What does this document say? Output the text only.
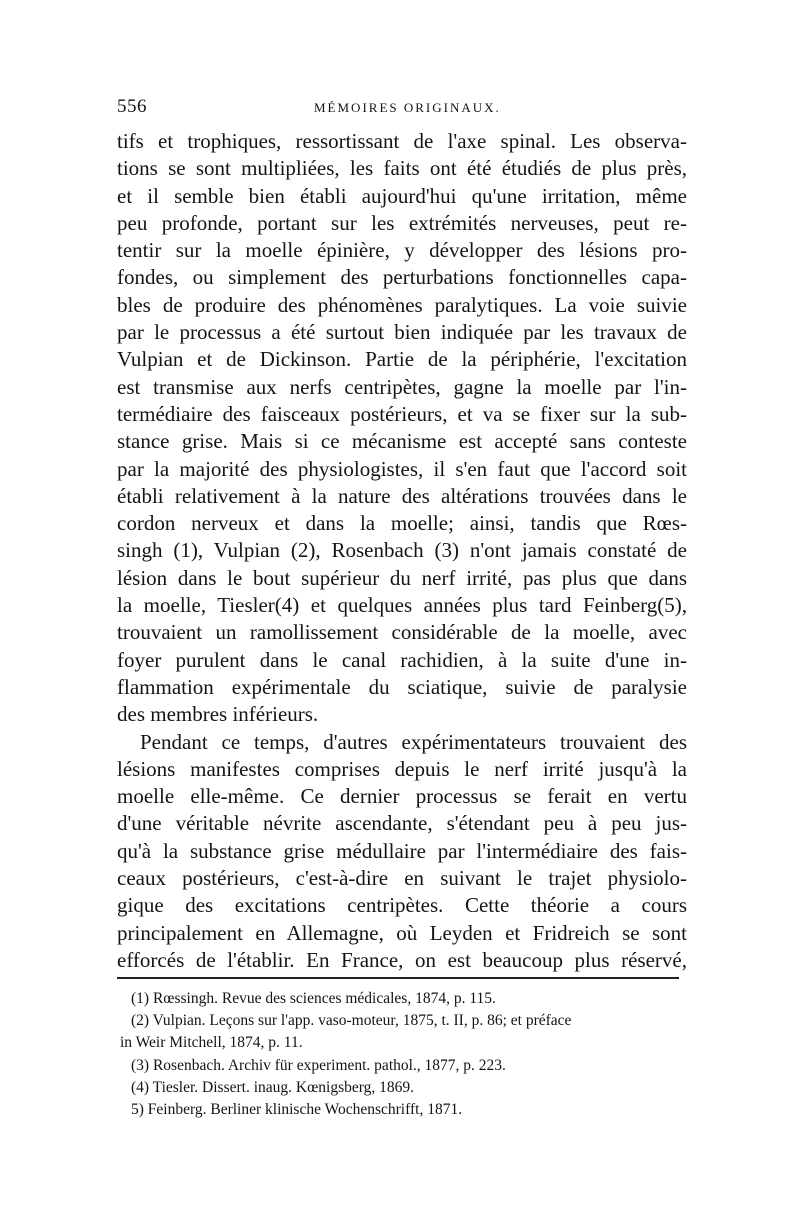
556	MÉMOIRES ORIGINAUX.
tifs et trophiques, ressortissant de l'axe spinal. Les observa-
tions se sont multipliées, les faits ont été étudiés de plus près,
et il semble bien établi aujourd'hui qu'une irritation, même
peu profonde, portant sur les extrémités nerveuses, peut re-
tentir sur la moelle épinière, y développer des lésions pro-
fondes, ou simplement des perturbations fonctionnelles capa-
bles de produire des phénomènes paralytiques. La voie suivie
par le processus a été surtout bien indiquée par les travaux de
Vulpian et de Dickinson. Partie de la périphérie, l'excitation
est transmise aux nerfs centripètes, gagne la moelle par l'in-
termédiaire des faisceaux postérieurs, et va se fixer sur la sub-
stance grise. Mais si ce mécanisme est accepté sans conteste
par la majorité des physiologistes, il s'en faut que l'accord soit
établi relativement à la nature des altérations trouvées dans le
cordon nerveux et dans la moelle; ainsi, tandis que Rœs-
singh (1), Vulpian (2), Rosenbach (3) n'ont jamais constaté de
lésion dans le bout supérieur du nerf irrité, pas plus que dans
la moelle, Tiesler(4) et quelques années plus tard Feinberg(5),
trouvaient un ramollissement considérable de la moelle, avec
foyer purulent dans le canal rachidien, à la suite d'une in-
flammation expérimentale du sciatique, suivie de paralysie
des membres inférieurs.
Pendant ce temps, d'autres expérimentateurs trouvaient des
lésions manifestes comprises depuis le nerf irrité jusqu'à la
moelle elle-même. Ce dernier processus se ferait en vertu
d'une véritable névrite ascendante, s'étendant peu à peu jus-
qu'à la substance grise médullaire par l'intermédiaire des fais-
ceaux postérieurs, c'est-à-dire en suivant le trajet physiolo-
gique des excitations centripètes. Cette théorie a cours
principalement en Allemagne, où Leyden et Fridreich se sont
efforcés de l'établir. En France, on est beaucoup plus réservé,
(1) Rœssingh. Revue des sciences médicales, 1874, p. 115.
(2) Vulpian. Leçons sur l'app. vaso-moteur, 1875, t. II, p. 86; et préface
in Weir Mitchell, 1874, p. 11.
(3) Rosenbach. Archiv für experiment. pathol., 1877, p. 223.
(4) Tiesler. Dissert. inaug. Kœnigsberg, 1869.
5) Feinberg. Berliner klinische Wochenschrifft, 1871.
